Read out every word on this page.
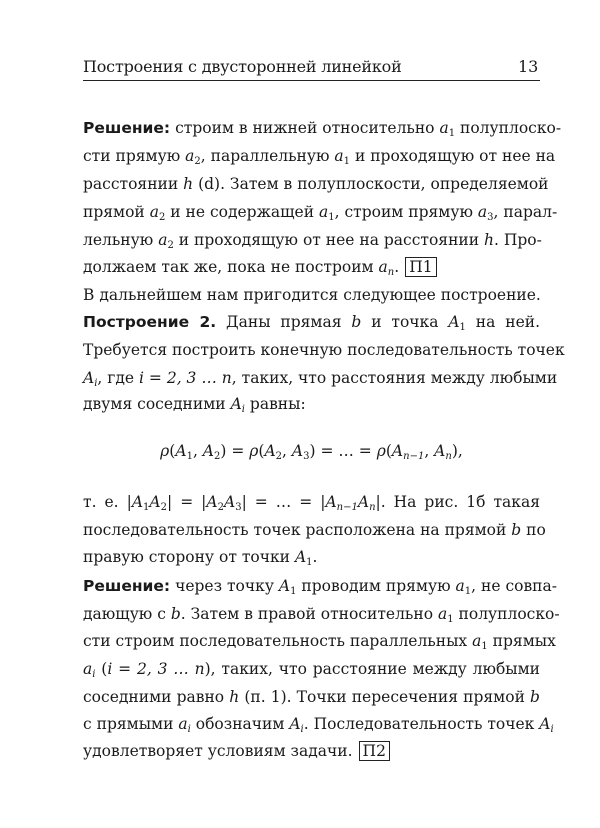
Построения с двусторонней линейкой	13
Решение: строим в нижней относительно $a_1$ полуплоско-
сти прямую $a_2$, параллельную $a_1$ и проходящую от нее на
расстоянии h (d). Затем в полуплоскости, определяемой
прямой $a_2$ и не содержащей $a_1$, строим прямую $a_3$, парал-
лельную $a_2$ и проходящую от нее на расстоянии h. Про-
должаем так же, пока не построим $a_n$. П1
В дальнейшем нам пригодится следующее построение.
Построение 2. Даны прямая b и точка $A_1$ на ней.
Требуется построить конечную последовательность точек
$A_i$, где i = 2, 3 … n, таких, что расстояния между любыми
двумя соседними $A_i$ равны:
$\rho(A_1$, $A_2) = \rho(A_2$, $A_3$) = … = $\rho(A_{n-1}$, $A_n$),
т. е. $|A_1A_2| = |A_2A_3|$ = … = $|A_{n-1}A_n|$. На рис. 1б такая
последовательность точек расположена на прямой b по
правую сторону от точки $A_1$.
Решение: через точку $A_1$ проводим прямую $a_1$, не совпа-
дающую с b. Затем в правой относительно $a_1$ полуплоско-
сти строим последовательность параллельных $a_1$ прямых
$a_i$ (i = 2, 3 … n), таких, что расстояние между любыми
соседними равно h (п. 1). Точки пересечения прямой b
с прямыми $a_i$ обозначим $A_i$. Последовательность точек $A_i$
удовлетворяет условиям задачи. П2
